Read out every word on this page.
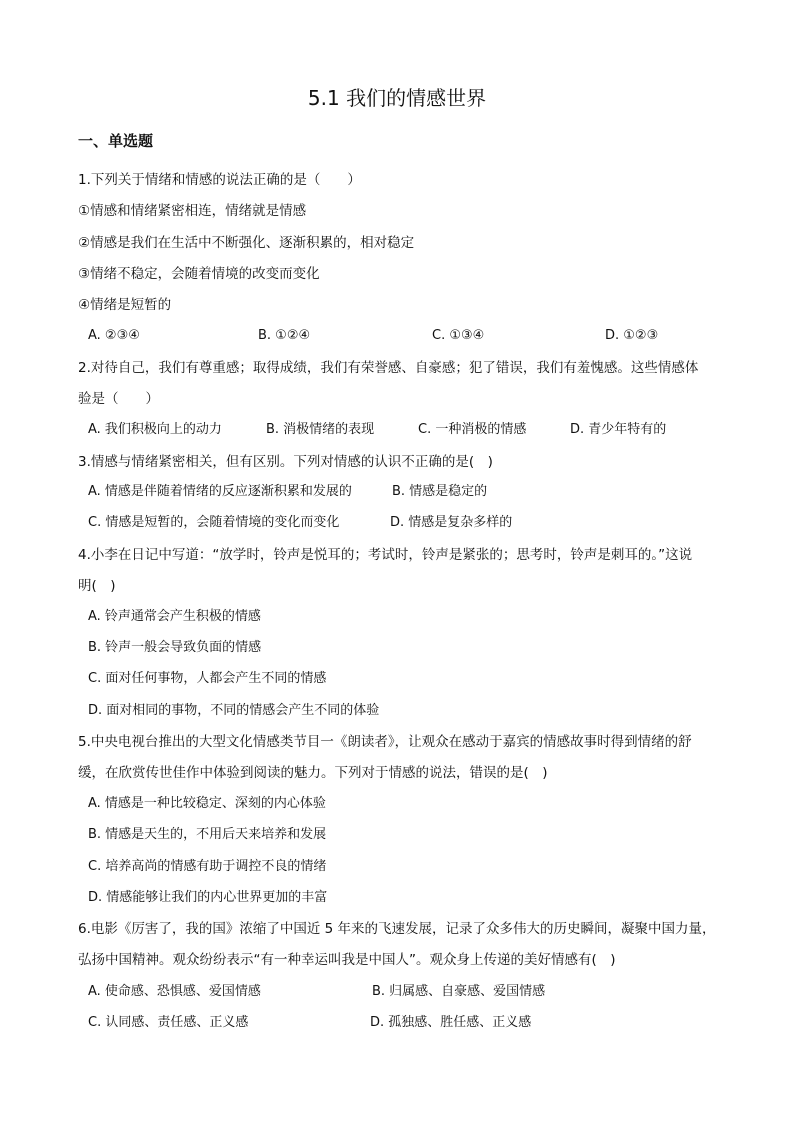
5.1 我们的情感世界
一、单选题
1.下列关于情绪和情感的说法正确的是（　　）
①情感和情绪紧密相连，情绪就是情感
②情感是我们在生活中不断强化、逐渐积累的，相对稳定
③情绪不稳定，会随着情境的改变而变化
④情绪是短暂的
A. ②③④	B. ①②④	C. ①③④	D. ①②③
2.对待自己，我们有尊重感；取得成绩，我们有荣誉感、自豪感；犯了错误，我们有羞愧感。这些情感体
验是（　　）
A. 我们积极向上的动力	B. 消极情绪的表现	C. 一种消极的情感	D. 青少年特有的
3.情感与情绪紧密相关，但有区别。下列对情感的认识不正确的是(　)
A. 情感是伴随着情绪的反应逐渐积累和发展的	B. 情感是稳定的
C. 情感是短暂的，会随着情境的变化而变化	D. 情感是复杂多样的
4.小李在日记中写道：“放学时，铃声是悦耳的；考试时，铃声是紧张的；思考时，铃声是刺耳的。”这说
明(　)
A. 铃声通常会产生积极的情感
B. 铃声一般会导致负面的情感
C. 面对任何事物，人都会产生不同的情感
D. 面对相同的事物，不同的情感会产生不同的体验
5.中央电视台推出的大型文化情感类节目一《朗读者》，让观众在感动于嘉宾的情感故事时得到情绪的舒
缓，在欣赏传世佳作中体验到阅读的魅力。下列对于情感的说法，错误的是(　)
A. 情感是一种比较稳定、深刻的内心体验
B. 情感是天生的，不用后天来培养和发展
C. 培养高尚的情感有助于调控不良的情绪
D. 情感能够让我们的内心世界更加的丰富
6.电影《厉害了，我的国》浓缩了中国近 5 年来的飞速发展，记录了众多伟大的历史瞬间，凝聚中国力量，
弘扬中国精神。观众纷纷表示“有一种幸运叫我是中国人”。观众身上传递的美好情感有(　)
A. 使命感、恐惧感、爱国情感	B. 归属感、自豪感、爱国情感
C. 认同感、责任感、正义感	D. 孤独感、胜任感、正义感
